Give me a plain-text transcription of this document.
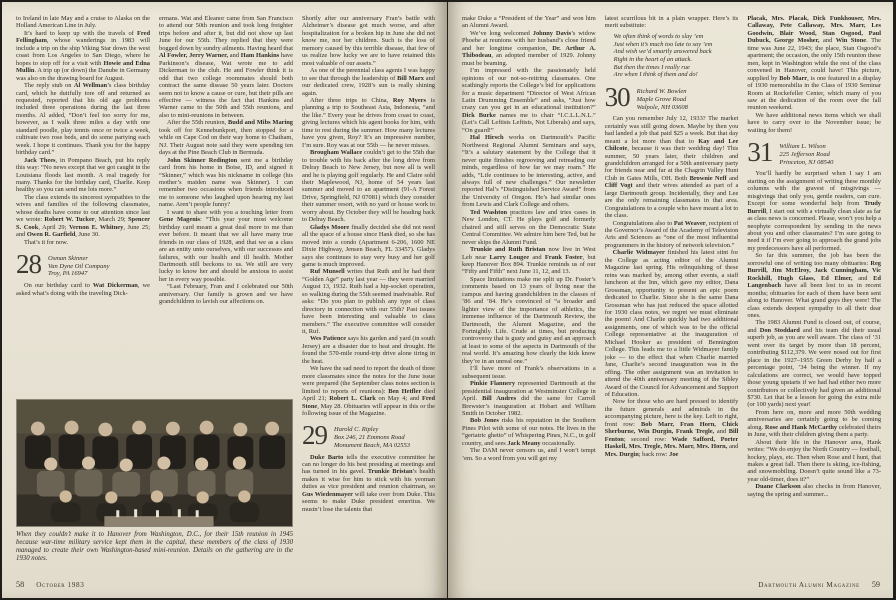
to Ireland in late May and a cruise to Alaska on the Holland American Line in July.

It’s hard to keep up with the travels of Fred Fellingham, whose wanderings in 1983 will include a trip on the ship Viking Star down the west coast from Los Angeles to San Diego, where he hopes to stop off for a visit with Howie and Edna Mullin. A trip up (or down) the Danube in Germany was also on the drawing board for August.

The reply stub on Al Wellman’s class birthday card, which he dutifully tore off and returned as requested, reported that his old age problems included three operations during the last three months. Al added, “Don’t feel too sorry for me, however, as I walk three miles a day with one standard poodle, play tennis once or twice a week, cultivate two rose beds, and do some partying each week. I hope it continues. Thank you for the happy birthday card.”

Jack Thees, in Pompano Beach, put his reply this way: “No news except that we got caught in the Louisiana floods last month. A real tragedy for many. Thanks for the birthday card, Charlie. Keep healthy so you can send me lots more.”

The class extends its sincerest sympathies to the wives and families of the following classmates, whose deaths have come to our attention since last we wrote: Robert W. Tucker, March 29; Spencer S. Cook, April 29; Vernon E. Whitney, June 25; and Owen R. Garfield, June 30.

That’s it for now.

28 Osman Skinner
Van Dyne Oil Company
Troy, PA 16947

On our birthday card to Wat Dickerman, we asked what’s doing with the traveling Dick-

ermans. Wat and Eleanor came from San Francisco to attend our 50th reunion and took long freighter trips before and after it, but did not show up last June for our 55th. They replied that they were bogged down by sundry ailments. Having heard that Al Fowler, Jerry Warner, and Ham Hankins have Parkinson’s disease, Wat wrote me to add Dickerman to the club. He and Fowler think it is odd that two college roommates should both contract the same disease 50 years later. Doctors seem not to know a cause or cure, but their pills are effective — witness the fact that Hankins and Warner came to the 50th and 55th reunions, and also to mini-reunions in between.

After the 55th reunion, Budd and Mibs Maring took off for Kennebunkport, then stopped for a while on Cape Cod on their way home to Chatham, NJ. Their August note said they were spending ten days at the Pine Beach Club in Bermuda.

John Skinner Redington sent me a birthday card from his home in Boise, ID, and signed it “Skinner,” which was his nickname in college (his mother’s maiden name was Skinner). I can remember two occasions when friends introduced me to someone who laughed upon hearing my last name. Aren’t people funny?

I want to share with you a touching letter from Gene Magenis: “This year your most welcome birthday card meant a great deal more to me than ever before. It meant that we all have many true friends in our class of 1928, and that we as a class are an entity unto ourselves, with our successes and failures, with our health and ill health. Mother Dartmouth still beckons to us. We still are very lucky to know her and should be anxious to assist her in every way possible.

“Last February, Fran and I celebrated our 50th anniversary. Our family is grown and we have grandchildren to lavish our affections on.

When they couldn’t make it to Hanover from Washington, D.C., for their 15th reunion in 1945 because war-time military service kept them in the capital, these members of the class of 1930 managed to create their own Washington-based mini-reunion. Details on the gathering are in the 1930 notes.

Shortly after our anniversary Fran’s battle with Alzheimer’s disease got much worse, and after hospitalization for a broken hip in June she did not know me, nor her children. Such is the loss of memory caused by this terrible disease, that few of us realize how lucky we are to have retained this most valuable of our assets.”

As one of the perennial class agents I was happy to see that through the leadership of Bill Marx and our dedicated crew, 1928’s sun is really shining again.

After three trips to China, Roy Myers is planning a trip to Southeast Asia, Indonesia, “and the like.” Every year he drives from coast to coast, giving lectures which his agent books for him, with time to rest during the summer. How many lectures have you given, Roy? It’s an impressive number, I’m sure. Roy was at our 55th — he never misses.

Brougham Wallace couldn’t get to the 55th due to trouble with his back after the long drive from Delray Beach to New Jersey, but now all is well and he is playing golf regularly. He and Claire sold their Maplewood, NJ, home of 54 years last summer and moved to an apartment (91-A Forest Drive, Springfield, NJ 07081) which they consider their summer resort, with no yard or house work to worry about. By October they will be heading back to Delray Beach.

Gladys Moore finally decided she did not need all the space of a house since Hank died, so she has moved into a condo (Apartment 6-206, 1600 NE Dixie Highway, Jensen Beach, FL 33457). Gladys says she continues to stay very busy and her golf game is much improved.

Ruf Munsell writes that Ruth and he had their “Golden Age” party last year — they were married August 13, 1932. Ruth had a hip-socket operation, so walking during the 55th seemed inadvisable. Ruf asks: “Do you plan to publish any type of class directory in connection with our 55th? Past issues have been interesting and valuable to class members.” The executive committee will consider it, Ruf.

Wes Patience says his garden and yard (in south Jersey) are a disaster due to heat and drought. He found the 570-mile round-trip drive alone tiring in the heat.

We have the sad need to report the death of three more classmates since the notes for the June issue were prepared (the September class notes section is limited to reports of reunions): Ben Hetfler died April 21; Robert L. Clark on May 4; and Fred Stone, May 28. Obituaries will appear in this or the following issue of the Magazine.

29 Harold C. Ripley
Box 246, 21 Emmons Road
Monument Beach, MA 02553

Duke Barto tells the executive committee he can no longer do his best presiding at meetings and has turned in his gavel. Trunkie Bristan’s health makes it wise for him to stick with his yeoman duties as vice president and reunion chairman, so Gus Wiedenmayer will take over from Duke. This seems to make Duke president emeritus. We mustn’t lose the talents that

58 October 1983

make Duke a “President of the Year” and won him an Alumni Award.

We’ve long welcomed Johnny Davis’s widow Phoebe at reunions with her husband’s close friend and her longtime companion, Dr. Arthur A. Thibodeau, an adopted member of 1929. Johnny must be beaming.

I’m impressed with the passionately held opinions of our not-so-retiring classmates. One scathingly reports the College’s bid for applications for a music department “Director of West African Latin Drumming Ensemble” and asks, “Just how crazy can you get in an educational institution?” Dick Burke names me to chair “I.C.L.L.N.L.” (Let’s Call Leftists Leftists, Not Liberals) and says, “On guard!”

Hal Hirsch works on Dartmouth’s Pacific Northwest Regional Alumni Seminars and says, “It’s a salutary statement by the College that it never quite finishes regrooving and retreading our minds, regardless of how far we may roam.” He adds, “Life continues to be interesting, active, and always full of new challenges.” Our newsletter reported Hal’s “Distinguished Service Award” from the University of Oregon. He’s had similar ones from Lewis and Clark College and others.

Ted Washton practices law and tries cases in New London, CT. He plays golf and formerly chaired and still serves on the Democratic State Central Committee. We admire him here Ted, but he never skips the Alumni Fund.

Trunkie and Ruth Bristan now live in West Leb near Larry Lougee and Frank Foster, but keep Hanover Box 894. Trunkie reminds us of our “Fifty and Fifth” next June 11, 12, and 13.

Space limitations make me split up Dr. Foster’s comments based on 13 years of living near the campus and having grandchildren in the classes of ’86 and ’84. He’s convinced of “a broader and lighter view of the importance of athletics, the immense influence of the Dartmouth Review, the Dartmouth, the Alumni Magazine, and the Fortnightly. Life. Crude at times, but producing controversy that is gusty and gutsy and an approach at least to some of the aspects in Dartmouth of the real world. It’s amazing how clearly the kids know they’re in an unreal one.”

I’ll have more of Frank’s observations in a subsequent issue.

Pinkie Flannery represented Dartmouth at the presidential inauguration at Westminster College in April. Bill Andres did the same for Carroll Brewster’s inauguration at Hobart and William Smith in October 1982.

Bob Jones risks his reputation in the Southern Pines Pilot with some of our notes. He lives in the “geriatric ghetto” of Whispering Pines, N.C., in golf country, and sees Jack Meany occasionally.

The DAM never censors us, and I won’t tempt ’em. So a word from you will get my

latest scurrilous bit in a plain wrapper. Here’s its merit substitute:

We often think of words to slay ’em
Just when it’s much too late to say ’em
And wish we’d smartly answered back
Right in the heart of an attack.
But then the times I really rue
Are when I think of them and do!
30 Richard W. Bowlen
Maple Grove Road
Walpole, NH 03608

Can you remember July 12, 1933? The market certainly was still going down. Maybe by then you had landed a job that paid $25 a week. But that day meant a lot more than that to Kay and Lee Chilcote, because it was their wedding day! This summer, 50 years later, their children and grandchildren arranged for a 50th anniversary party for friends near and far at the Chagrin Valley Hunt Club in Gates Mills, OH. Both Brownie Neff and Cliff Vogt and their wives attended as part of a large Dartmouth group. Incidentally, they and Lee are the only remaining classmates in that area. Congratulations to a couple who have meant a lot to the class.

Congratulations also to Pat Weaver, recipient of the Governor’s Award of the Academy of Television Arts and Sciences as “one of the most influential programmers in the history of network television.”

Charlie Widmayer finished his latest stint for the College as acting editor of the Alumni Magazine last spring. His relinquishing of these reins was marked by, among other events, a staff luncheon at the Inn, which gave my editor, Dana Grossman, opportunity to present an epic poem dedicated to Charlie. Since she is the same Dana Grossman who has just reduced the space allotted for 1930 class notes, we regret we must eliminate the poem! And Charlie quickly had two additional assignments, one of which was to be the official College representative at the inauguration of Michael Hooker as president of Bennington College. This leads me to a little Widmayer family joke — to the effect that when Charlie married Jane, Charlie’s second inauguration was in the offing. The other assignment was an invitation to attend the 40th anniversary meeting of the Sibley Award of the Council for Advancement and Support of Education.

Now for those who are hard pressed to identify the future generals and admirals in the accompanying picture, here is the key. Left to right, front row: Bob Marr, Fran Horn, Chick Sherburne, Win Durgin, Frank Tregle, and Bill Fenton; second row: Wade Safford, Porter Haskell, Mrs. Tregle, Mrs. Marr, Mrs. Horn, and Mrs. Durgin; back row: Joe

Placak, Mrs. Placak, Dick Funkhouser, Mrs. Callaway, Pete Callaway, Mrs. Marr, Les Goodwin, Blair Wood, Stan Osgood, Paul Dubuck, George Mosher, and Win Stone. The time was June 22, 1943; the place, Stan Osgood’s apartment; the occasion, the only 15th reunion these men, kept in Washington while the rest of the class convened in Hanover, could have! This picture, supplied by Bob Marr, is one featured in a display of 1930 memorabilia in the Class of 1930 Seminar Room at Rockefeller Center, which many of you saw at the dedication of the room over the fall reunion weekend.

We have additional news items which we shall have to carry over to the November issue; be waiting for them!

31 William L. Wilson
225 Jefferson Road
Princeton, NJ 08540

You’ll hardly be surprised when I say I am starting on the assignment of writing these monthly columns with the gravest of misgivings — misgivings that only you, gentle readers, can cure. Except for some wonderful help from Trudy Burrill, I start out with a virtually clean slate as far as class news is concerned. Please, won’t you help a neophyte correspondent by sending in the news about you and other classmates? I’m sure going to need it if I’m ever going to approach the grand jobs my predecessors have all performed.

So far this summer, the job has been the sorrowful one of writing too many obituaries: Reg Burrill, Jim McElroy, Jack Cunningham, Vic Rockhill, Hugh Glass, Ed Elmer, and Ed Langenbach have all been lost to us in recent months; obituaries for each of them have been sent along to Hanover. What grand guys they were! The class extends deepest sympathy to all their dear ones.

The 1983 Alumni Fund is closed out, of course, and Don Stoddard and his team did their usual superb job, as you are well aware. The class of ’31 went over its target by more than 18 percent, contributing $112,379. We were nosed out for first place in the 1927–1955 Green Derby by half a percentage point, ’34 being the winner. If my calculations are correct, we would have topped those young upstarts if we had had either two more contributors or collectively had given an additional $730. Let that be a lesson for going the extra mile (or 100 yards) next year!

From here on, more and more 50th wedding anniversaries are certainly going to be coming along. Rose and Hank McCarthy celebrated theirs in June, with their children giving them a party.

About their life in the Hanover area, Hank writes: “We do enjoy the North Country — football, hockey, plays, etc. Then when Rose and I hunt, that makes a great fall. Then there is skiing, ice-fishing, and snowmobiling. Doesn’t quite sound like a 73-year old-timer, does it?”

Duane Clarkson also checks in from Hanover, saying the spring and summer...

Dartmouth Alumni Magazine 59
